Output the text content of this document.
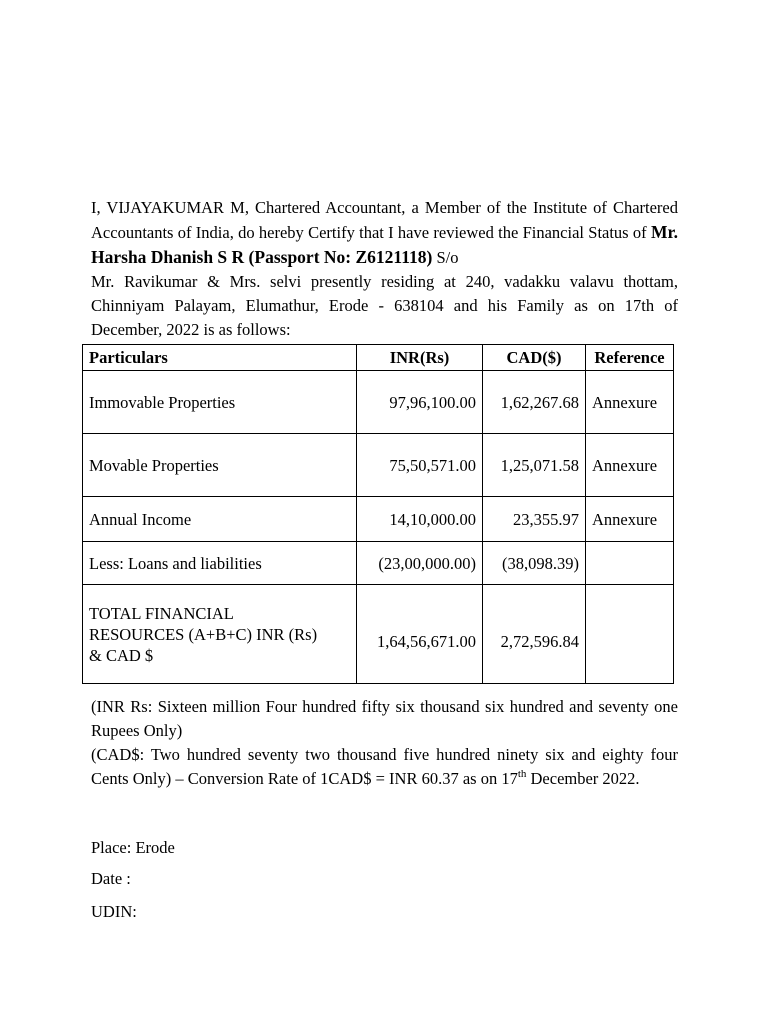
I, VIJAYAKUMAR M, Chartered Accountant, a Member of the Institute of Chartered Accountants of India, do hereby Certify that I have reviewed the Financial Status of Mr. Harsha Dhanish S R (Passport No: Z6121118) S/o
Mr. Ravikumar & Mrs. selvi presently residing at 240, vadakku valavu thottam, Chinniyam Palayam, Elumathur, Erode - 638104 and his Family as on 17th of December, 2022 is as follows:

Particulars	INR(Rs)	CAD($)	Reference
Immovable Properties	97,96,100.00	1,62,267.68	Annexure
Movable Properties	75,50,571.00	1,25,071.58	Annexure
Annual Income	14,10,000.00	23,355.97	Annexure
Less: Loans and liabilities	(23,00,000.00)	(38,098.39)	
TOTAL FINANCIAL
RESOURCES (A+B+C) INR (Rs)
& CAD $	1,64,56,671.00	2,72,596.84	
(INR Rs: Sixteen million Four hundred fifty six thousand six hundred and seventy one Rupees Only)
(CAD$: Two hundred seventy two thousand five hundred ninety six and eighty four Cents Only) – Conversion Rate of 1CAD$ = INR 60.37 as on 17th December 2022.

Place: Erode

Date :

UDIN:
